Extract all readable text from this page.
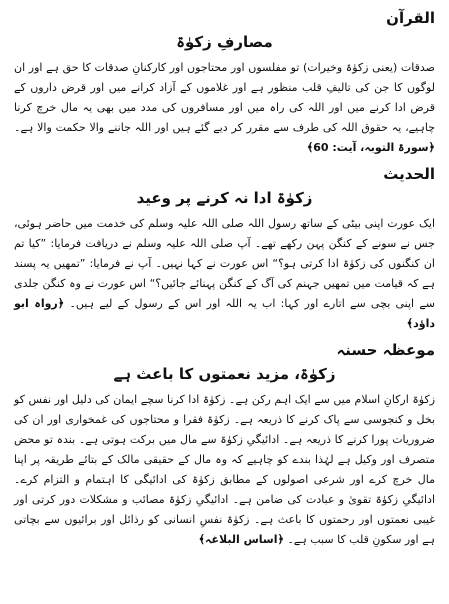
القرآن
مصارفِ زکوٰۃ

صدقات (یعنی زکوٰۃ وخیرات) تو مفلسوں اور محتاجوں اور کارکنانِ صدقات کا حق ہے اور ان لوگوں کا جن کی تالیفِ قلب منظور ہے اور غلاموں کے آزاد کرانے میں اور قرض داروں کے قرض ادا کرنے میں اور اللہ کی راہ میں اور مسافروں کی مدد میں بھی یہ مال خرچ کرنا چاہیے، یہ حقوق اللہ کی طرف سے مقرر کر دیے گئے ہیں اور اللہ جاننے والا حکمت والا ہے۔ ﴿سورۃ التوبہ، آیت: 60﴾

الحدیث
زکوٰۃ ادا نہ کرنے پر وعید

ایک عورت اپنی بیٹی کے ساتھ رسول اللہ صلی اللہ علیہ وسلم کی خدمت میں حاضر ہوئی، جس نے سونے کے کنگن پہن رکھے تھے۔ آپ صلی اللہ علیہ وسلم نے دریافت فرمایا: ”کیا تم ان کنگنوں کی زکوٰۃ ادا کرتی ہو؟“ اس عورت نے کہا نہیں۔ آپ نے فرمایا: ”تمھیں یہ پسند ہے کہ قیامت میں تمھیں جہنم کی آگ کے کنگن پہنائے جائیں؟“ اس عورت نے وہ کنگن جلدی سے اپنی بچی سے اتارے اور کہا: اب یہ اللہ اور اس کے رسول کے لیے ہیں۔ ﴿رواہ ابو داؤد﴾

موعظہ حسنہ
زکوٰۃ، مزید نعمتوں کا باعث ہے

زکوٰۃ ارکانِ اسلام میں سے ایک اہم رکن ہے۔ زکوٰۃ ادا کرنا سچے ایمان کی دلیل اور نفس کو بخل و کنجوسی سے پاک کرنے کا ذریعہ ہے۔ زکوٰۃ فقرا و محتاجوں کی غمخواری اور ان کی ضروریات پورا کرنے کا ذریعہ ہے۔ ادائیگیِ زکوٰۃ سے مال میں برکت ہوتی ہے۔ بندہ تو محض متصرف اور وکیل ہے لہٰذا بندے کو چاہیے کہ وہ مال کے حقیقی مالک کے بتائے طریقہ پر اپنا مال خرچ کرے اور شرعی اصولوں کے مطابق زکوٰۃ کی ادائیگی کا اہتمام و التزام کرے۔ ادائیگیِ زکوٰۃ تقویٰ و عبادت کی ضامن ہے۔ ادائیگیِ زکوٰۃ مصائب و مشکلات دور کرتی اور غیبی نعمتوں اور رحمتوں کا باعث ہے۔ زکوٰۃ نفسِ انسانی کو رذائل اور برائیوں سے بچاتی ہے اور سکونِ قلب کا سبب ہے۔ ﴿اساس البلاغہ﴾
